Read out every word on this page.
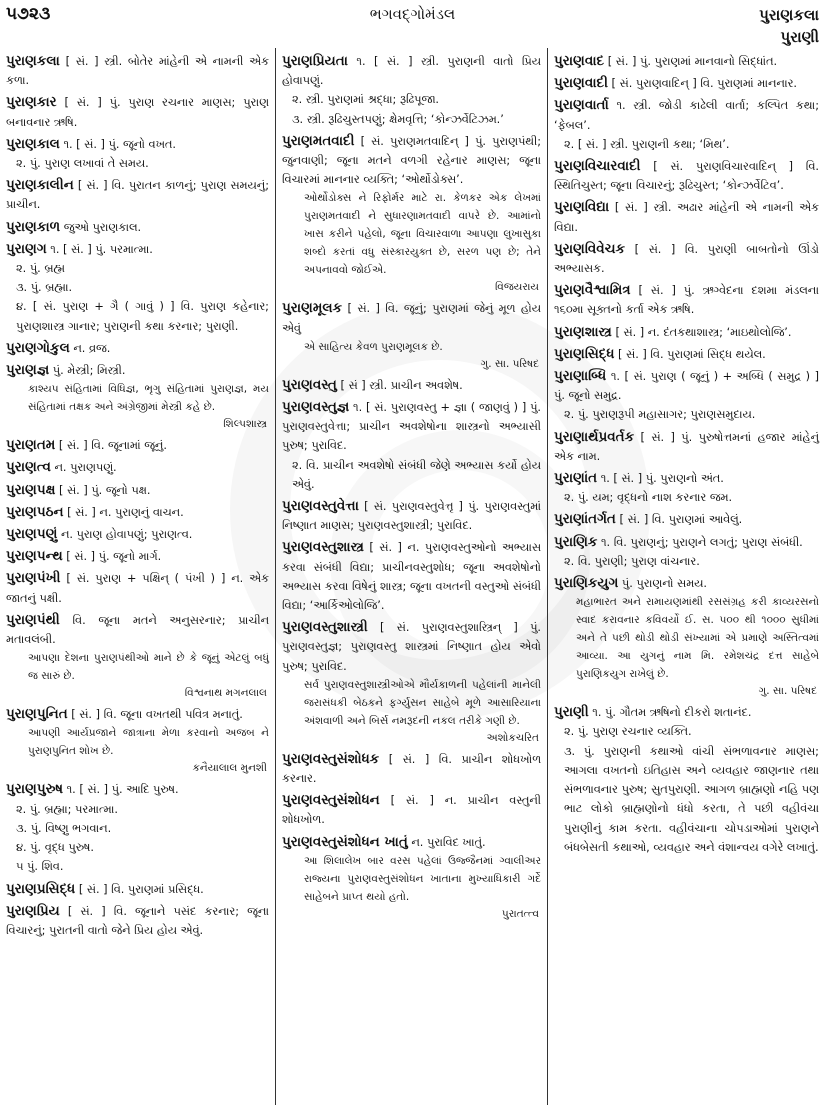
૫૭૨૩	ભગવદ્ગોમંડલ	પુરાણકલા
પુરાણી
પુરાણકલા [ સં. ] સ્ત્રી. બોતેર માંહેની એ નામની એક કળા.
પુરાણકાર [ સં. ] પું. પુરાણ રચનાર માણસ; પુરાણ બનાવનાર ઋષિ.
પુરાણકાલ ૧. [ સં. ] પું. જૂનો વખત.
૨. પું. પુરાણ લખાવાં તે સમય.
પુરાણકાલીન [ સં. ] વિ. પુરાતન કાળનું; પુરાણ સમયનું; પ્રાચીન.
પુરાણકાળ જુઓ પુરાણકાલ.
પુરાણગ ૧. [ સં. ] પું. પરમાત્મા.
૨. પું. બ્રહ્મ
૩. પું. બ્રહ્મા.
૪. [ સં. પુરાણ + ગૈ ( ગાવું ) ] વિ. પુરાણ કહેનાર; પુરાણશાસ્ત્ર ગાનાર; પુરાણની કથા કરનાર; પુરાણી.
પુરાણગોકુલ ન. વ્રજ.
પુરાણજ્ઞ પું. મેસ્ત્રી; મિસ્ત્રી.
કાશ્યપ સંહિતામાં વિધિજ્ઞ, ભૃગુ સંહિતામાં પુરાણજ્ઞ, મય સંહિતામાં તક્ષક અને અંગ્રેજીમાં મેસ્ત્રી કહે છે.
શિલ્પશાસ્ત્ર
પુરાણતમ [ સં. ] વિ. જૂનામાં જૂનું.
પુરાણત્વ ન. પુરાણપણું.
પુરાણપક્ષ [ સં. ] પું. જૂનો પક્ષ.
પુરાણપઠન [ સં. ] ન. પુરાણનું વાચન.
પુરાણપણું ન. પુરાણ હોવાપણું; પુરાણત્વ.
પુરાણપન્થ [ સં. ] પું. જૂનો માર્ગ.
પુરાણપંખી [ સં. પુરાણ + પક્ષિન્ ( પંખી ) ] ન. એક જાતનું પક્ષી.
પુરાણપંથી વિ. જૂના મતને અનુસરનાર; પ્રાચીન મતાવલંબી.
આપણા દેશના પુરાણપંથીઓ માને છે કે જૂનું એટલું બધું જ સારું છે.
વિશ્વનાથ મગનલાલ
પુરાણપુનિત [ સં. ] વિ. જૂના વખતથી પવિત્ર મનાતું.
આપણી આર્યપ્રજાને જાત્રાના મેળા કરવાનો અજબ ને પુરાણપુનિત શોખ છે.
કનૈયાલાલ મુનશી
પુરાણપુરુષ ૧. [ સં. ] પું. આદિ પુરુષ.
૨. પું. બ્રહ્મા; પરમાત્મા.
૩. પું. વિષ્ણુ ભગવાન.
૪. પું. વૃદ્ધ પુરુષ.
૫ પું. શિવ.
પુરાણપ્રસિદ્ધ [ સં. ] વિ. પુરાણમાં પ્રસિદ્ધ.
પુરાણપ્રિય [ સં. ] વિ. જૂનાને પસંદ કરનાર; જૂના વિચારનું; પુરાતની વાતો જેને પ્રિય હોય એવું.
પુરાણપ્રિયતા ૧. [ સં. ] સ્ત્રી. પુરાણની વાતો પ્રિય હોવાપણું.
૨. સ્ત્રી. પુરાણમાં શ્રદ્ધા; રૂઢિપૂજા.
૩. સ્ત્રી. રૂઢિચુસ્તપણું; ક્ષેમવૃત્તિ; ‘કોન્ઝર્વેટિઝમ.’
પુરાણમતવાદી [ સં. પુરાણમતવાદિન્ ] પું. પુરાણપંથી; જુનવાણી; જૂના મતને વળગી રહેનાર માણસ; જૂના વિચારમાં માનનાર વ્યક્તિ; ‘ઓર્થોડોક્સ’.
ઓર્થોડોક્સ ને રિફોર્મર માટે રા. કેળકર એક લેખમાં પુરાણમતવાદી ને સુધારણામતવાદી વાપરે છે. આમાંનો ખાસ કરીને પહેલો, જૂના વિચારવાળા આપણા લુખાસુકા શબ્દો કરતાં વધુ સંસ્કારયુક્ત છે, સરળ પણ છે; તેને અપનાવવો જોઈએ.
વિજયરાય
પુરાણમૂલક [ સં. ] વિ. જૂનું; પુરાણમાં જેનું મૂળ હોય એવું
એ સાહિત્ય કેવળ પુરાણમૂલક છે.
ગુ. સા. પરિષદ
પુરાણવસ્તુ [ સં ] સ્ત્રી. પ્રાચીન અવશેષ.
પુરાણવસ્તુજ્ઞ ૧. [ સં. પુરાણવસ્તુ + જ્ઞા ( જાણવું ) ] પું. પુરાણવસ્તુવેત્તા; પ્રાચીન અવશેષોના શાસ્ત્રનો અભ્યાસી પુરુષ; પુરાવિદ.
૨. વિ. પ્રાચીન અવશેષો સંબંધી જેણે અભ્યાસ કર્યો હોય એવું.
પુરાણવસ્તુવેત્તા [ સં. પુરાણવસ્તુવેત્તૃ ] પું. પુરાણવસ્તુમાં નિષ્ણાત માણસ; પુરાણવસ્તુશાસ્ત્રી; પુરાવિદ.
પુરાણવસ્તુશાસ્ત્ર [ સં. ] ન. પુરાણવસ્તુઓનો અભ્યાસ કરવા સંબંધી વિદ્યા; પ્રાચીનવસ્તુશોધ; જૂના અવશેષોનો અભ્યાસ કરવા વિષેનું શાસ્ત્ર; જૂના વખતની વસ્તુઓ સંબંધી વિદ્યા; ‘આર્કિઓલોજિ’.
પુરાણવસ્તુશાસ્ત્રી [ સં. પુરાણવસ્તુશાસ્ત્રિન્ ] પું. પુરાણવસ્તુજ્ઞ; પુરાણવસ્તુ શાસ્ત્રમાં નિષ્ણાત હોય એવો પુરુષ; પુરાવિદ.
સર્વ પુરાણવસ્તુશાસ્ત્રીઓએ મૌર્યકાળની પહેલાંની માનેલી જરાસંધકી બેઠકને ફર્ગ્યુસન સાહેબે મૂળે આસારિયાના અંશવાળી અને બિર્સ નમરૂદની નકલ તરીકે ગણી છે.
અશોકચરિત
પુરાણવસ્તુસંશોધક [ સં. ] વિ. પ્રાચીન શોધખોળ કરનાર.
પુરાણવસ્તુસંશોધન [ સં. ] ન. પ્રાચીન વસ્તુની શોધખોળ.
પુરાણવસ્તુસંશોધન ખાતું ન. પુરાવિદ ખાતું.
આ શિલાલેખ બાર વરસ પહેલાં ઉજ્જૈનમાં ગ્વાલીઅર રાજ્યના પુરાણવસ્તુસંશોધન ખાતાના મુખ્યાધિકારી ગર્દે સાહેબને પ્રાપ્ત થયો હતો.
પુરાતત્ત્વ
પુરાણવાદ [ સં. ] પું. પુરાણમાં માનવાનો સિદ્ધાંત.
પુરાણવાદી [ સં. પુરાણવાદિન્ ] વિ. પુરાણમાં માનનાર.
પુરાણવાર્તા ૧. સ્ત્રી. જોડી કાઢેલી વાર્તા; કલ્પિત કથા; ‘ફેબલ’.
૨. [ સં. ] સ્ત્રી. પુરાણની કથા; ‘મિથ’.
પુરાણવિચારવાદી [ સં. પુરાણવિચારવાદિન્ ] વિ. સ્થિતિચુસ્ત; જૂના વિચારનું; રૂઢિચુસ્ત; ‘કોન્ઝર્વેટિવ’.
પુરાણવિદ્યા [ સં. ] સ્ત્રી. અઢાર માંહેની એ નામની એક વિદ્યા.
પુરાણવિવેચક [ સં. ] વિ. પુરાણી બાબતોનો ઊંડો અભ્યાસક.
પુરાણવૈશ્વામિત્ર [ સં. ] પું. ઋગ્વેદના દશમા મંડલના ૧૬૦મા સૂક્તનો કર્તા એક ઋષિ.
પુરાણશાસ્ત્ર [ સં. ] ન. દંતકથાશાસ્ત્ર; ‘માઇથોલોજિ’.
પુરાણસિદ્ધ [ સં. ] વિ. પુરાણમાં સિદ્ધ થયેલ.
પુરાણાબ્ધિ ૧. [ સં. પુરાણ ( જૂનું ) + અબ્ધિ ( સમુદ્ર ) ] પું. જૂનો સમુદ્ર.
૨. પું. પુરાણરૂપી મહાસાગર; પુરાણસમુદાય.
પુરાણાર્થપ્રવર્તક [ સં. ] પું. પુરુષોત્તમનાં હજાર માંહેનું એક નામ.
પુરાણાંત ૧. [ સં. ] પું. પુરાણનો અંત.
૨. પું. યમ; વૃદ્ધનો નાશ કરનાર જમ.
પુરાણાંતર્ગત [ સં. ] વિ. પુરાણમાં આવેલું.
પુરાણિક ૧. વિ. પુરાણનું; પુરાણને લગતું; પુરાણ સંબંધી.
૨. વિ. પુરાણી; પુરાણ વાંચનાર.
પુરાણિકયુગ પું. પુરાણનો સમય.
મહાભારત અને રામાયણમાંથી રસસંગ્રહ કરી કાવ્યરસનો સ્વાદ કરાવનાર કવિવર્યો ઈ. સ. ૫૦૦ થી ૧૦૦૦ સુધીમાં અને તે પછી થોડી થોડી સંખ્યામાં એ પ્રમાણે અસ્તિત્વમાં આવ્યા. આ યુગનું નામ મિ. રમેશચંદ્ર દત્ત સાહેબે પુરાણિકયુગ રાખેલું છે.
ગુ. સા. પરિષદ
પુરાણી ૧. પું. ગૌતમ ઋષિનો દીકરો શતાનંદ.
૨. પું. પુરાણ રચનાર વ્યક્તિ.
૩. પું. પુરાણની કથાઓ વાંચી સંભળાવનાર માણસ; આગલા વખતનો ઇતિહાસ અને વ્યવહાર જાણનાર તથા સંભળાવનાર પુરુષ; સુતપુરાણી. આગળ બ્રાહ્મણો નહિ પણ ભાટ લોકો બ્રાહ્મણોનો ધંધો કરતા, તે પછી વહીવંચા પુરાણીનું કામ કરતા. વહીવંચાના ચોપડાઓમાં પુરાણને બંધબેસતી કથાઓ, વ્યવહાર અને વંશાન્વય વગેરે લખાતું.
